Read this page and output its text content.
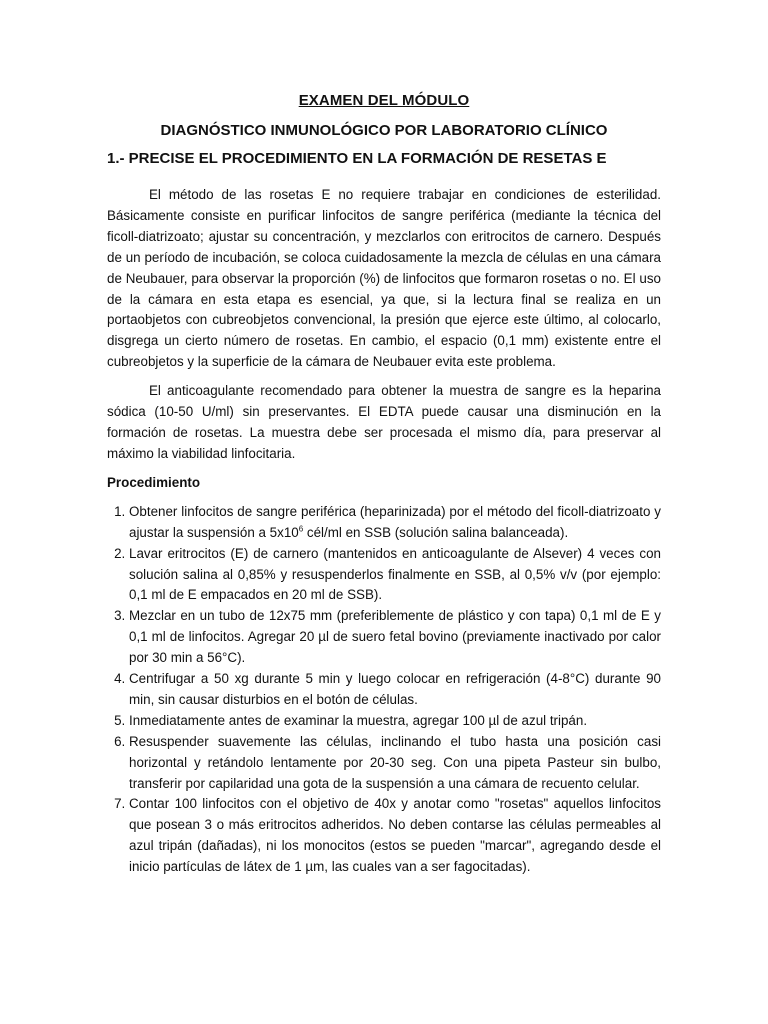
EXAMEN DEL MÓDULO
DIAGNÓSTICO INMUNOLÓGICO POR LABORATORIO CLÍNICO
1.- PRECISE EL PROCEDIMIENTO EN LA FORMACIÓN DE RESETAS E

El método de las rosetas E no requiere trabajar en condiciones de esterilidad. Básicamente consiste en purificar linfocitos de sangre periférica (mediante la técnica del ficoll-diatrizoato; ajustar su concentración, y mezclarlos con eritrocitos de carnero. Después de un período de incubación, se coloca cuidadosamente la mezcla de células en una cámara de Neubauer, para observar la proporción (%) de linfocitos que formaron rosetas o no. El uso de la cámara en esta etapa es esencial, ya que, si la lectura final se realiza en un portaobjetos con cubreobjetos convencional, la presión que ejerce este último, al colocarlo, disgrega un cierto número de rosetas. En cambio, el espacio (0,1 mm) existente entre el cubreobjetos y la superficie de la cámara de Neubauer evita este problema.

El anticoagulante recomendado para obtener la muestra de sangre es la heparina sódica (10-50 U/ml) sin preservantes. El EDTA puede causar una disminución en la formación de rosetas. La muestra debe ser procesada el mismo día, para preservar al máximo la viabilidad linfocitaria.

Procedimiento
1. Obtener linfocitos de sangre periférica (heparinizada) por el método del ficoll-diatrizoato y ajustar la suspensión a $5x10^6$ cél/ml en SSB (solución salina balanceada).
2. Lavar eritrocitos (E) de carnero (mantenidos en anticoagulante de Alsever) 4 veces con solución salina al 0,85% y resuspenderlos finalmente en SSB, al 0,5% v/v (por ejemplo: 0,1 ml de E empacados en 20 ml de SSB).
3. Mezclar en un tubo de 12x75 mm (preferiblemente de plástico y con tapa) 0,1 ml de E y 0,1 ml de linfocitos. Agregar 20 µl de suero fetal bovino (previamente inactivado por calor por 30 min a 56°C).
4. Centrifugar a 50 xg durante 5 min y luego colocar en refrigeración (4-8°C) durante 90 min, sin causar disturbios en el botón de células.
5. Inmediatamente antes de examinar la muestra, agregar 100 µl de azul tripán.
6. Resuspender suavemente las células, inclinando el tubo hasta una posición casi horizontal y retándolo lentamente por 20-30 seg. Con una pipeta Pasteur sin bulbo, transferir por capilaridad una gota de la suspensión a una cámara de recuento celular.
7. Contar 100 linfocitos con el objetivo de 40x y anotar como "rosetas" aquellos linfocitos que posean 3 o más eritrocitos adheridos. No deben contarse las células permeables al azul tripán (dañadas), ni los monocitos (estos se pueden "marcar", agregando desde el inicio partículas de látex de 1 µm, las cuales van a ser fagocitadas).
